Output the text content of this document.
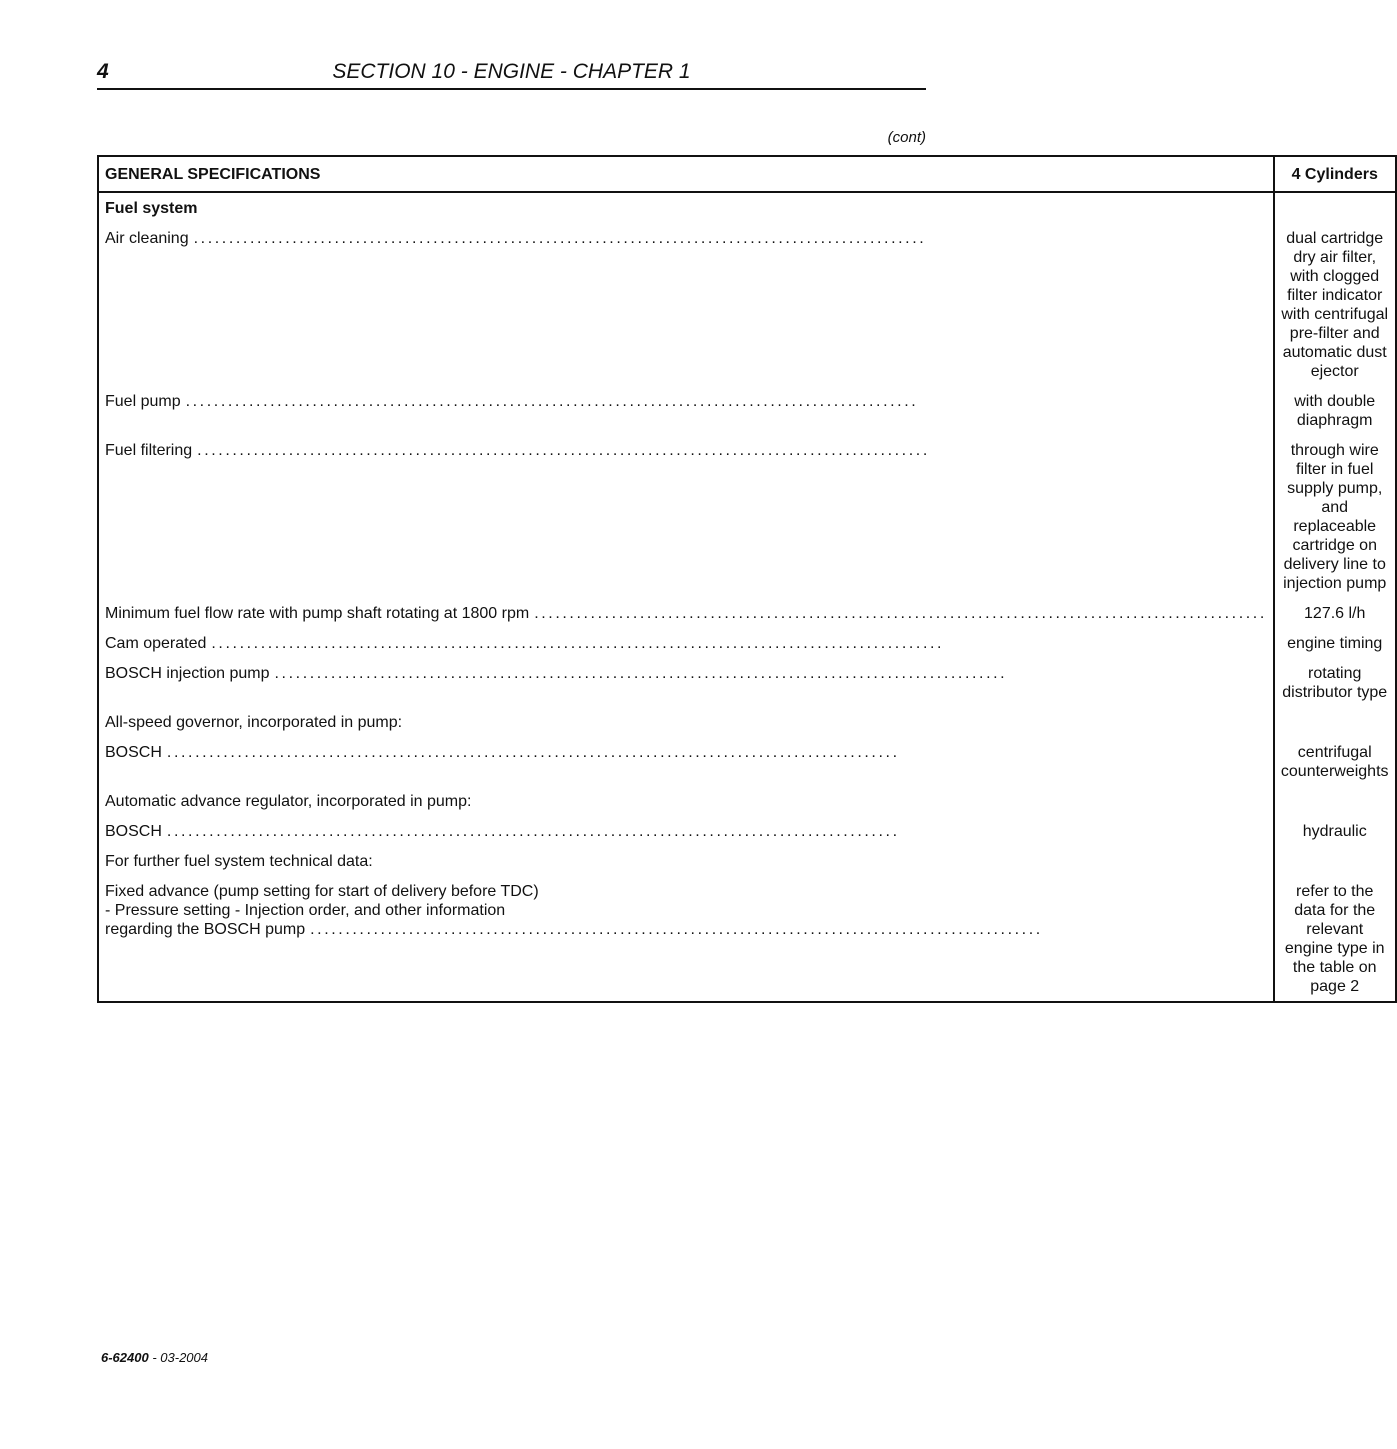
4	SECTION 10 - ENGINE - CHAPTER 1
(cont)
GENERAL SPECIFICATIONS	4 Cylinders

Fuel system	

Air cleaning ........................................................................................................	dual cartridge dry air filter, with clogged filter indicator with centrifugal pre-filter and automatic dust ejector

Fuel pump ........................................................................................................	with double diaphragm

Fuel filtering ........................................................................................................	through wire filter in fuel supply pump, and replaceable cartridge on delivery line to injection pump

Minimum fuel flow rate with pump shaft rotating at 1800 rpm ........................................................................................................	127.6 l/h

Cam operated ........................................................................................................	engine timing

BOSCH injection pump ........................................................................................................	rotating distributor type

All-speed governor, incorporated in pump:	

BOSCH ........................................................................................................	centrifugal counterweights

Automatic advance regulator, incorporated in pump:	

BOSCH ........................................................................................................	hydraulic

For further fuel system technical data:	

Fixed advance (pump setting for start of delivery before TDC)
- Pressure setting - Injection order, and other information
regarding the BOSCH pump ........................................................................................................	refer to the data for the relevant engine type in the table on page 2
6-62400 - 03-2004
